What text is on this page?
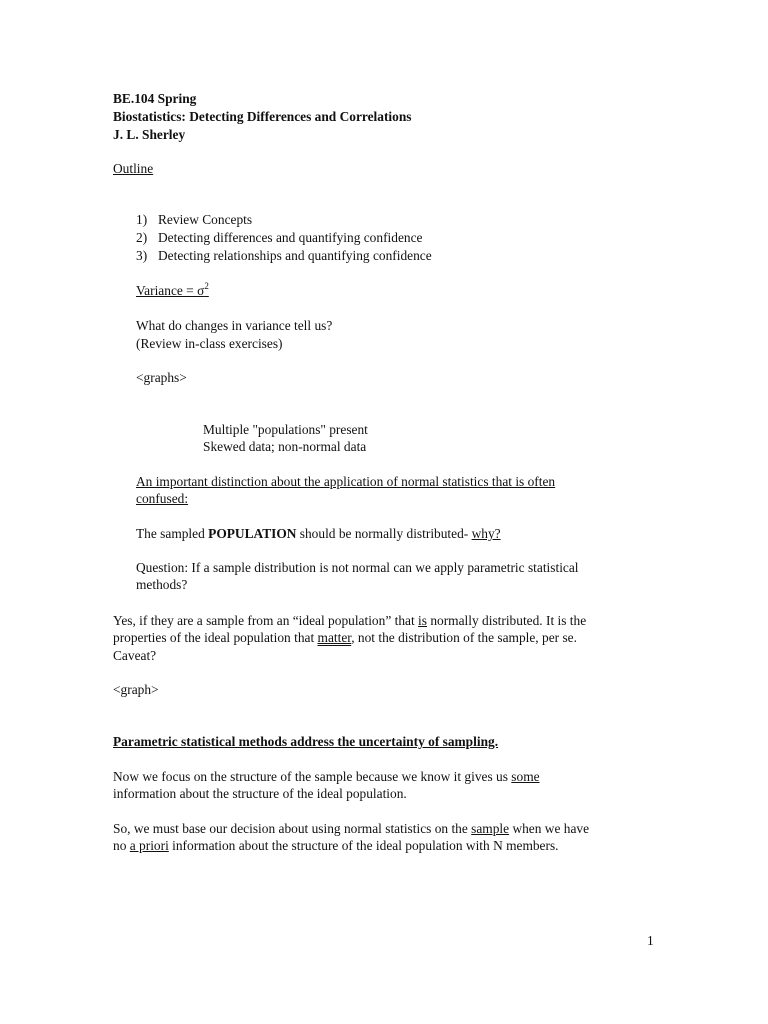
BE.104 Spring
Biostatistics: Detecting Differences and Correlations
J. L. Sherley
Outline
1) Review Concepts
2) Detecting differences and quantifying confidence
3) Detecting relationships and quantifying confidence
Variance = $\sigma^2$
What do changes in variance tell us?
(Review in-class exercises)
<graphs>
Multiple "populations" present
Skewed data; non-normal data
An important distinction about the application of normal statistics that is often
confused:
The sampled POPULATION should be normally distributed- why?
Question: If a sample distribution is not normal can we apply parametric statistical
methods?
Yes, if they are a sample from an “ideal population” that is normally distributed. It is the
properties of the ideal population that matter, not the distribution of the sample, per se.
Caveat?
<graph>
Parametric statistical methods address the uncertainty of sampling.
Now we focus on the structure of the sample because we know it gives us some
information about the structure of the ideal population.
So, we must base our decision about using normal statistics on the sample when we have
no a priori information about the structure of the ideal population with N members.
1
